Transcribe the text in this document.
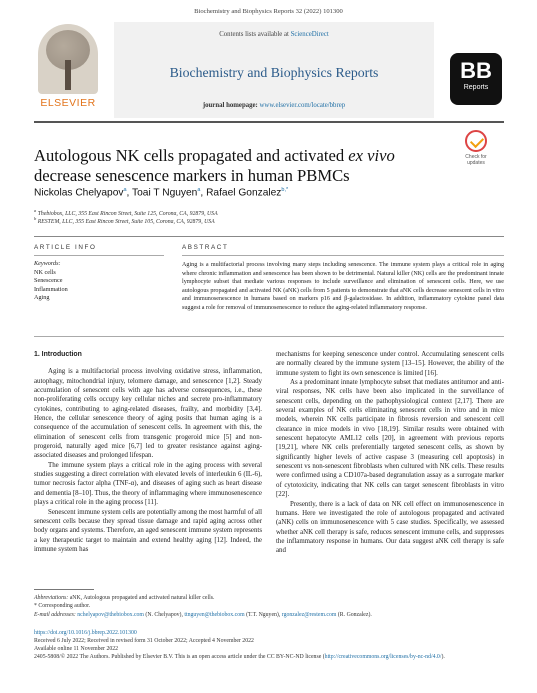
Biochemistry and Biophysics Reports 32 (2022) 101300
ELSEVIER
Contents lists available at ScienceDirect
Biochemistry and Biophysics Reports
journal homepage: www.elsevier.com/locate/bbrep
BB
Reports
Autologous NK cells propagated and activated ex vivo decrease senescence markers in human PBMCs
Check for updates
Nickolas Chelyapov$^a$, Toai T Nguyen$^a$, Rafael Gonzalez$^{b,*}$
$^a$ Thebiobox, LLC, 355 East Rincon Street, Suite 125, Corona, CA, 92879, USA
$^b$ RESTEM, LLC, 355 East Rincon Street, Suite 105, Corona, CA, 92879, USA
ARTICLE INFO	ABSTRACT
Keywords:
NK cells
Senescence
Inflammation
Aging
Aging is a multifactorial process involving many steps including senescence. The immune system plays a critical role in aging where chronic inflammation and senescence has been shown to be detrimental. Natural killer (NK) cells are the predominant innate lymphocyte subset that mediate various responses to include surveillance and elimination of senescent cells. Here, we use autologous propagated and activated NK (aNK) cells from 5 patients to demonstrate that aNK cells decrease senescent cells in vitro and immunosenescence in humans based on markers p16 and β-galactosidase. In addition, inflammatory cytokine panel data suggest a role for removal of immunosenescence to reduce the aging-related inflammatory response.
1. Introduction

Aging is a multifactorial process involving oxidative stress, inflammation, autophagy, mitochondrial injury, telomere damage, and senescence [1,2]. Steady accumulation of senescent cells with age has adverse consequences, i.e., these non-proliferating cells occupy key cellular niches and secrete pro-inflammatory cytokines, contributing to aging-related diseases, frailty, and morbidity [3,4]. Hence, the cellular senescence theory of aging posits that human aging is a consequence of the accumulation of senescent cells. In agreement with this, the elimination of senescent cells from transgenic progeroid mice [5] and non-progeroid, naturally aged mice [6,7] led to greater resistance against aging-associated diseases and prolonged lifespan.

The immune system plays a critical role in the aging process with several studies suggesting a direct correlation with elevated levels of interleukin 6 (IL-6), tumor necrosis factor alpha (TNF-α), and diseases of aging such as heart disease and dementia [8–10]. Thus, the theory of inflammaging where immunosenescence plays a critical role in the aging process [11].

Senescent immune system cells are potentially among the most harmful of all senescent cells because they spread tissue damage and rapid aging across other body organs and systems. Therefore, an aged senescent immune system represents a key therapeutic target to maintain and extend healthy aging [12]. Indeed, the immune system has

mechanisms for keeping senescence under control. Accumulating senescent cells are normally cleared by the immune system [13–15]. However, the ability of the immune system to fight its own senescence is limited [16].

As a predominant innate lymphocyte subset that mediates antitumor and anti-viral responses, NK cells have been also implicated in the surveillance of senescent cells, depending on the pathophysiological context [2,17]. There are several examples of NK cells eliminating senescent cells in vitro and in mice models, wherein NK cells participate in fibrosis reversion and senescent cell clearance in mice models in vivo [18,19]. Similar results were obtained with senescent hepatocyte AML12 cells [20], in agreement with previous reports [19,21], where NK cells preferentially targeted senescent cells, as shown by significantly higher levels of active caspase 3 (measuring cell apoptosis) in senescent vs non-senescent fibroblasts when cultured with NK cells. These results were confirmed using a CD107a-based degranulation assay as a surrogate marker of cytotoxicity, indicating that NK cells can target senescent fibroblasts in vitro [22].

Presently, there is a lack of data on NK cell effect on immunosenescence in humans. Here we investigated the role of autologous propagated and activated (aNK) cells on immunosenescence with 5 case studies. Specifically, we assessed whether aNK cell therapy is safe, reduces senescent immune cells, and suppresses the inflammatory response in humans. Our data suggest aNK cell therapy is safe and

Abbreviations: aNK, Autologous propagated and activated natural killer cells.
* Corresponding author.
E-mail addresses: nchelyapov@thebiobox.com (N. Chelyapov), ttnguyen@thebiobox.com (T.T. Nguyen), rgonzalez@restem.com (R. Gonzalez).
https://doi.org/10.1016/j.bbrep.2022.101300
Received 6 July 2022; Received in revised form 31 October 2022; Accepted 4 November 2022
Available online 11 November 2022
2405-5808/© 2022 The Authors. Published by Elsevier B.V. This is an open access article under the CC BY-NC-ND license (http://creativecommons.org/licenses/by-nc-nd/4.0/).
